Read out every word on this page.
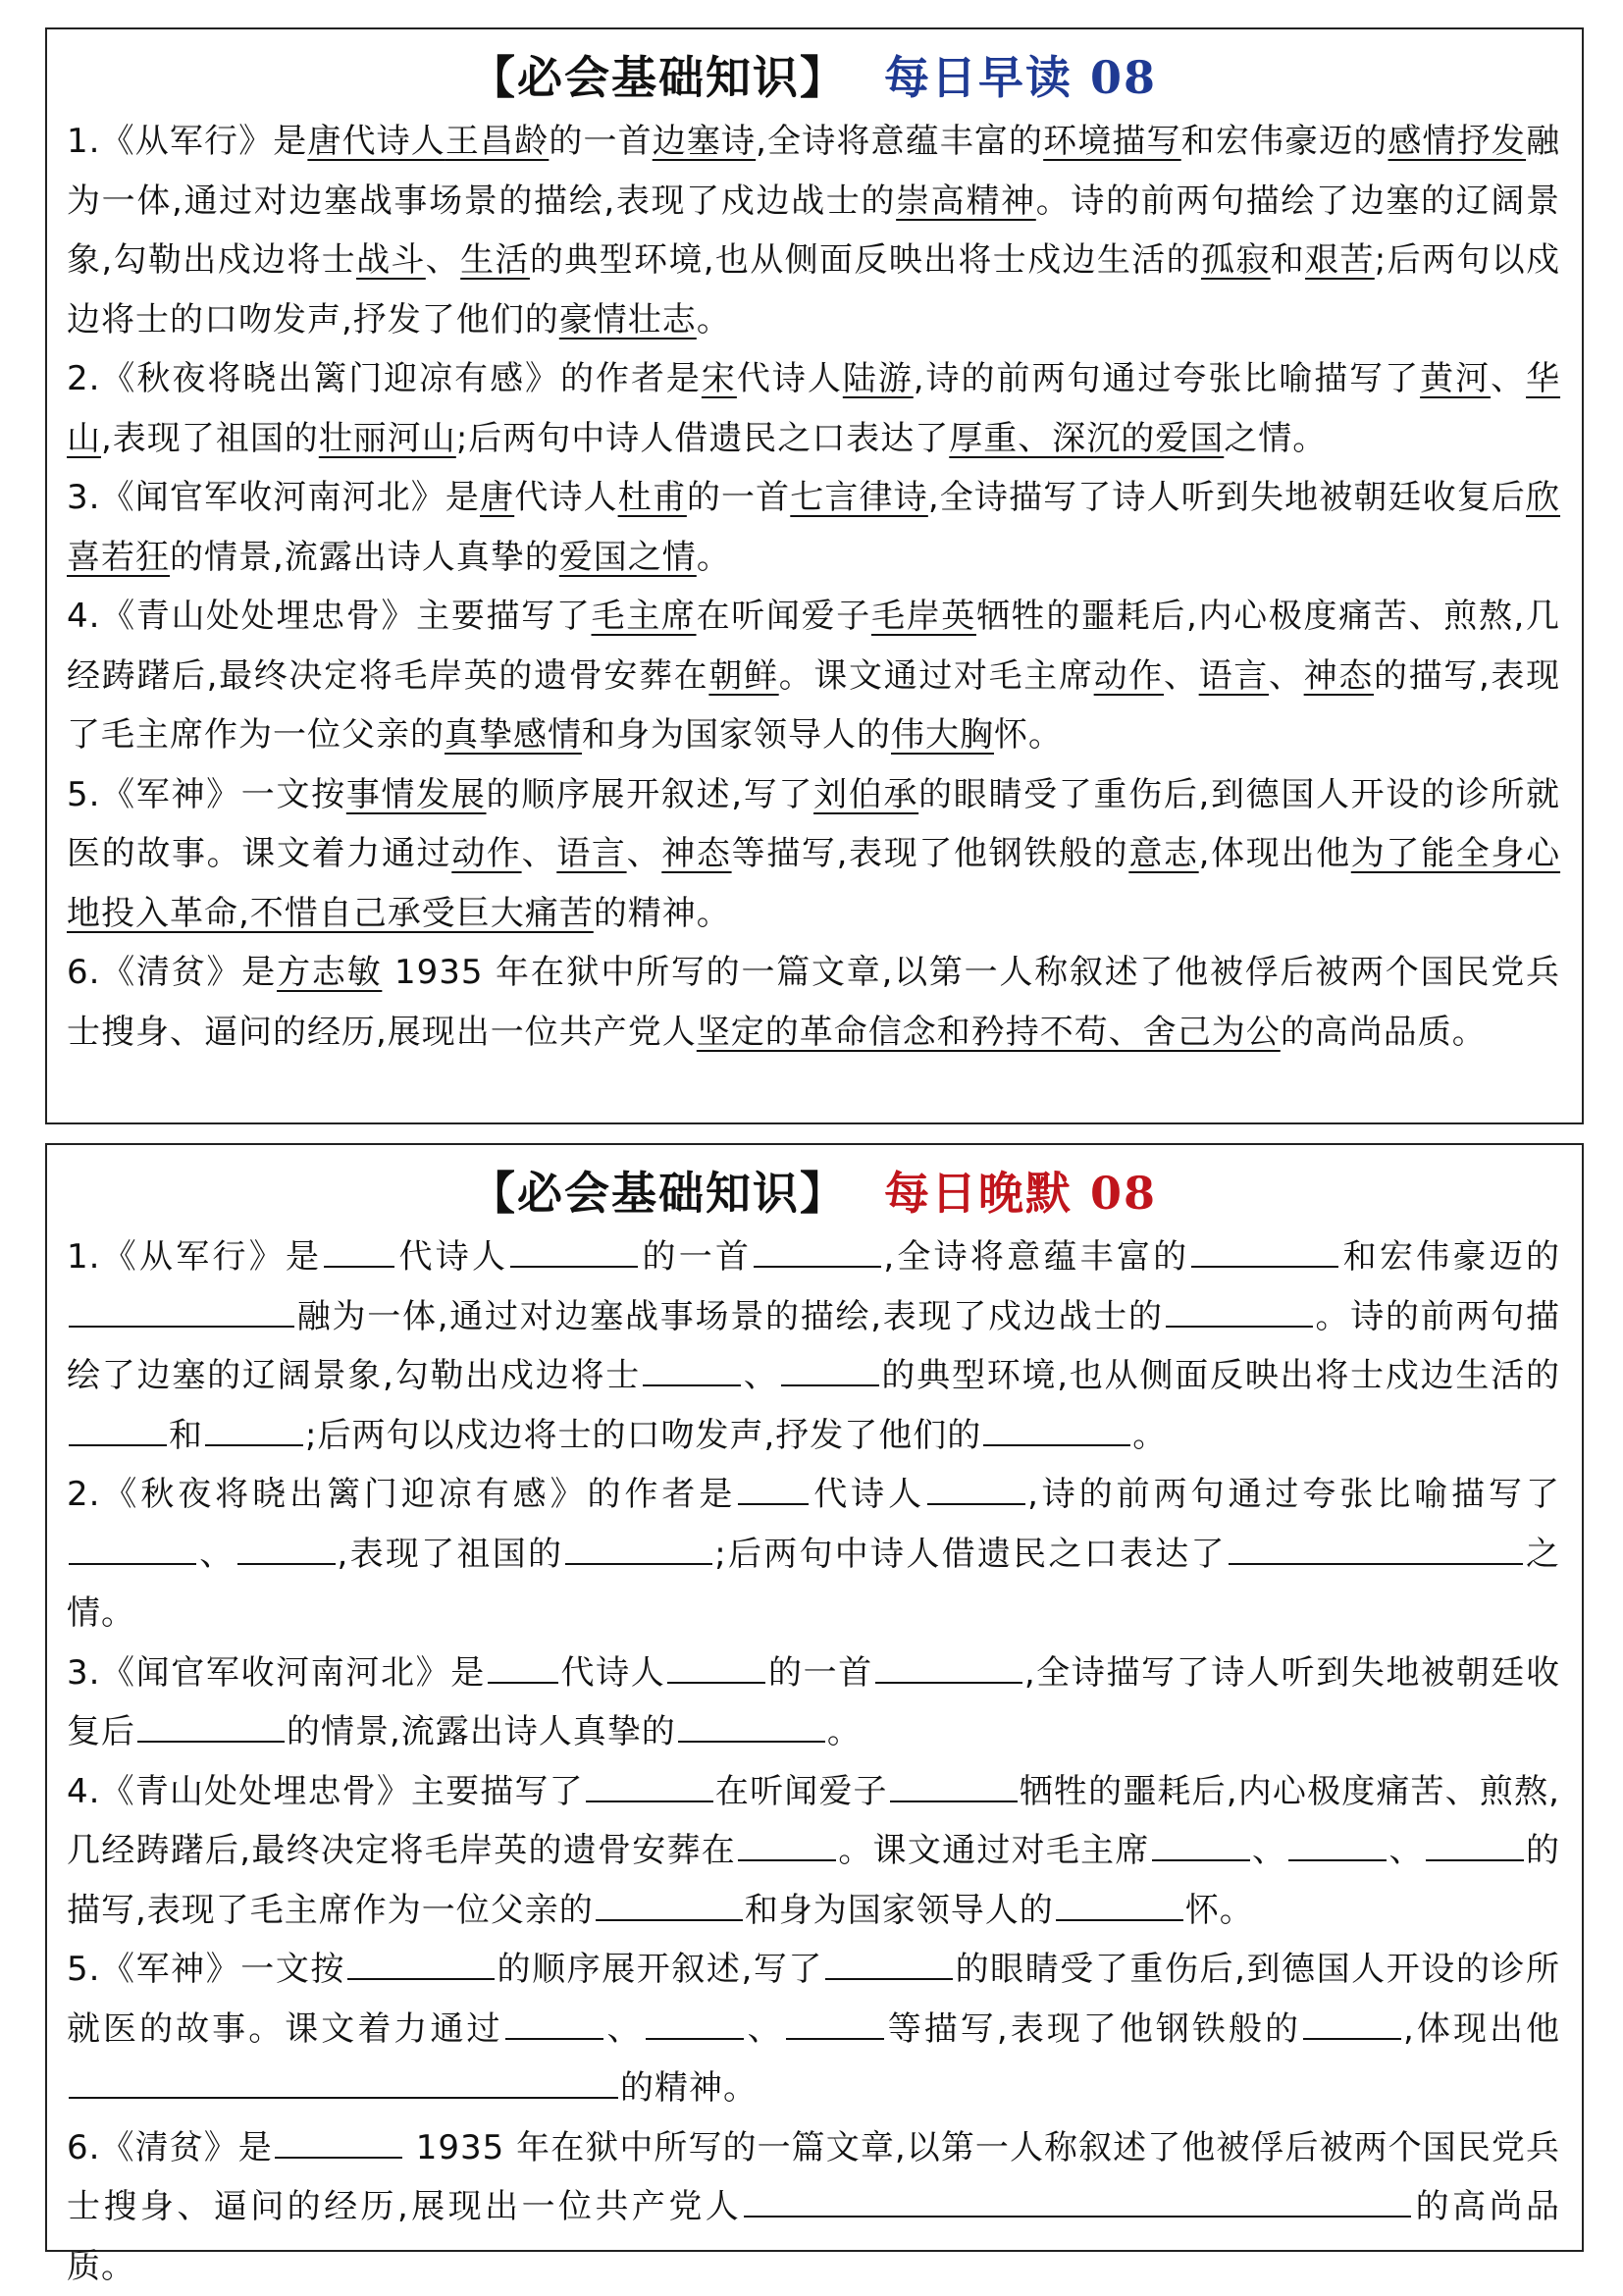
【必会基础知识】 每日早读 08
1.《从军行》是唐代诗人王昌龄的一首边塞诗,全诗将意蕴丰富的环境描写和宏伟豪迈的感情抒发融为一体,通过对边塞战事场景的描绘,表现了戍边战士的崇高精神。诗的前两句描绘了边塞的辽阔景象,勾勒出戍边将士战斗、生活的典型环境,也从侧面反映出将士戍边生活的孤寂和艰苦;后两句以戍边将士的口吻发声,抒发了他们的豪情壮志。
2.《秋夜将晓出篱门迎凉有感》的作者是宋代诗人陆游,诗的前两句通过夸张比喻描写了黄河、华山,表现了祖国的壮丽河山;后两句中诗人借遗民之口表达了厚重、深沉的爱国之情。
3.《闻官军收河南河北》是唐代诗人杜甫的一首七言律诗,全诗描写了诗人听到失地被朝廷收复后欣喜若狂的情景,流露出诗人真挚的爱国之情。
4.《青山处处埋忠骨》主要描写了毛主席在听闻爱子毛岸英牺牲的噩耗后,内心极度痛苦、煎熬,几经踌躇后,最终决定将毛岸英的遗骨安葬在朝鲜。课文通过对毛主席动作、语言、神态的描写,表现了毛主席作为一位父亲的真挚感情和身为国家领导人的伟大胸怀。
5.《军神》一文按事情发展的顺序展开叙述,写了刘伯承的眼睛受了重伤后,到德国人开设的诊所就医的故事。课文着力通过动作、语言、神态等描写,表现了他钢铁般的意志,体现出他为了能全身心地投入革命,不惜自己承受巨大痛苦的精神。
6.《清贫》是方志敏 1935 年在狱中所写的一篇文章,以第一人称叙述了他被俘后被两个国民党兵士搜身、逼问的经历,展现出一位共产党人坚定的革命信念和矜持不苟、舍己为公的高尚品质。
【必会基础知识】 每日晚默 08
1.《从军行》是 代诗人	的一首	,全诗将意蕴丰富的	和宏伟豪迈的融为一体,通过对边塞战事场景的描绘,表现了戍边战士的	。诗的前两句描绘了边塞的辽阔景象,勾勒出戍边将士	、	的典型环境,也从侧面反映出将士戍边生活的和	;后两句以戍边将士的口吻发声,抒发了他们的	。
2.《秋夜将晓出篱门迎凉有感》的作者是 代诗人	,诗的前两句通过夸张比喻描写了、	,表现了祖国的	;后两句中诗人借遗民之口表达了	之情。
3.《闻官军收河南河北》是 代诗人	的一首	,全诗描写了诗人听到失地被朝廷收复后	的情景,流露出诗人真挚的	。
4.《青山处处埋忠骨》主要描写了	在听闻爱子	牺牲的噩耗后,内心极度痛苦、煎熬,几经踌躇后,最终决定将毛岸英的遗骨安葬在	。课文通过对毛主席	、	、	的描写,表现了毛主席作为一位父亲的	和身为国家领导人的	怀。
5.《军神》一文按	的顺序展开叙述,写了	的眼睛受了重伤后,到德国人开设的诊所就医的故事。课文着力通过	、	、	等描写,表现了他钢铁般的	,体现出他的精神。
6.《清贫》是	1935 年在狱中所写的一篇文章,以第一人称叙述了他被俘后被两个国民党兵士搜身、逼问的经历,展现出一位共产党人	的高尚品质。
